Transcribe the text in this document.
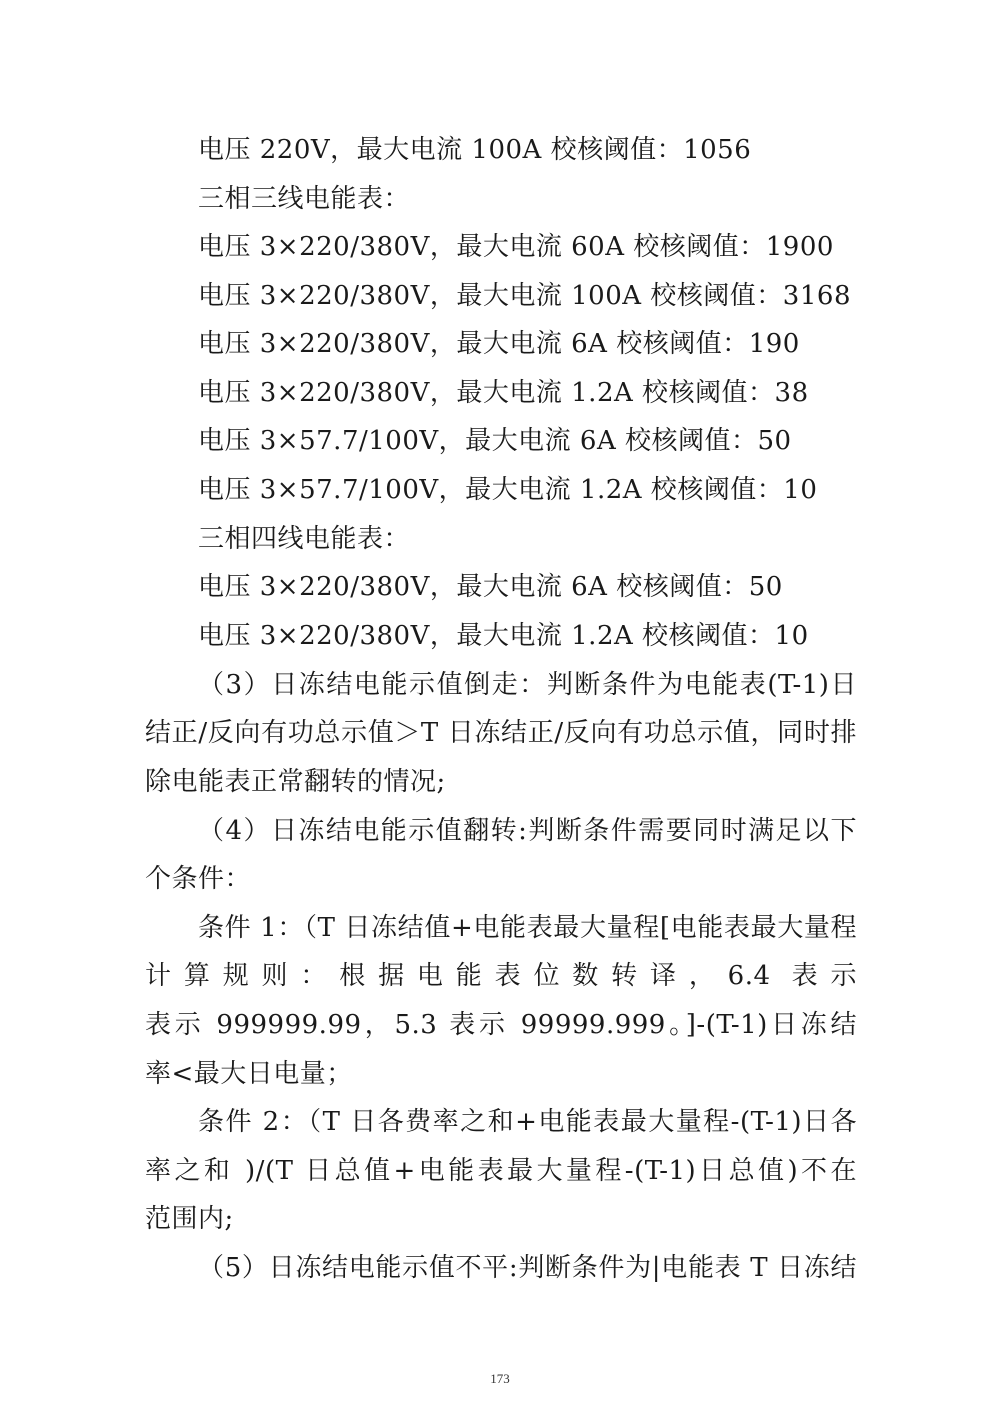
电压 220V，最大电流 100A 校核阈值：1056
三相三线电能表：
电压 3×220/380V，最大电流 60A 校核阈值：1900
电压 3×220/380V，最大电流 100A 校核阈值：3168
电压 3×220/380V，最大电流 6A 校核阈值：190
电压 3×220/380V，最大电流 1.2A 校核阈值：38
电压 3×57.7/100V，最大电流 6A 校核阈值：50
电压 3×57.7/100V，最大电流 1.2A 校核阈值：10
三相四线电能表：
电压 3×220/380V，最大电流 6A 校核阈值：50
电压 3×220/380V，最大电流 1.2A 校核阈值：10
（3）日冻结电能示值倒走：判断条件为电能表(T-1)日
结正/反向有功总示值＞T 日冻结正/反向有功总示值，同时排
除电能表正常翻转的情况;
（4）日冻结电能示值翻转:判断条件需要同时满足以下
个条件：
条件 1：（T 日冻结值+电能表最大量程[电能表最大量程
计算规则：根据电能表位数转译，6.4 表示
表示 999999.99，5.3 表示 99999.999。]-(T-1)日冻结
率<最大日电量；
条件 2：（T 日各费率之和+电能表最大量程-(T-1)日各
率之和 )/(T 日总值+电能表最大量程-(T-1)日总值)不在
范围内;
（5）日冻结电能示值不平:判断条件为|电能表 T 日冻结
173
